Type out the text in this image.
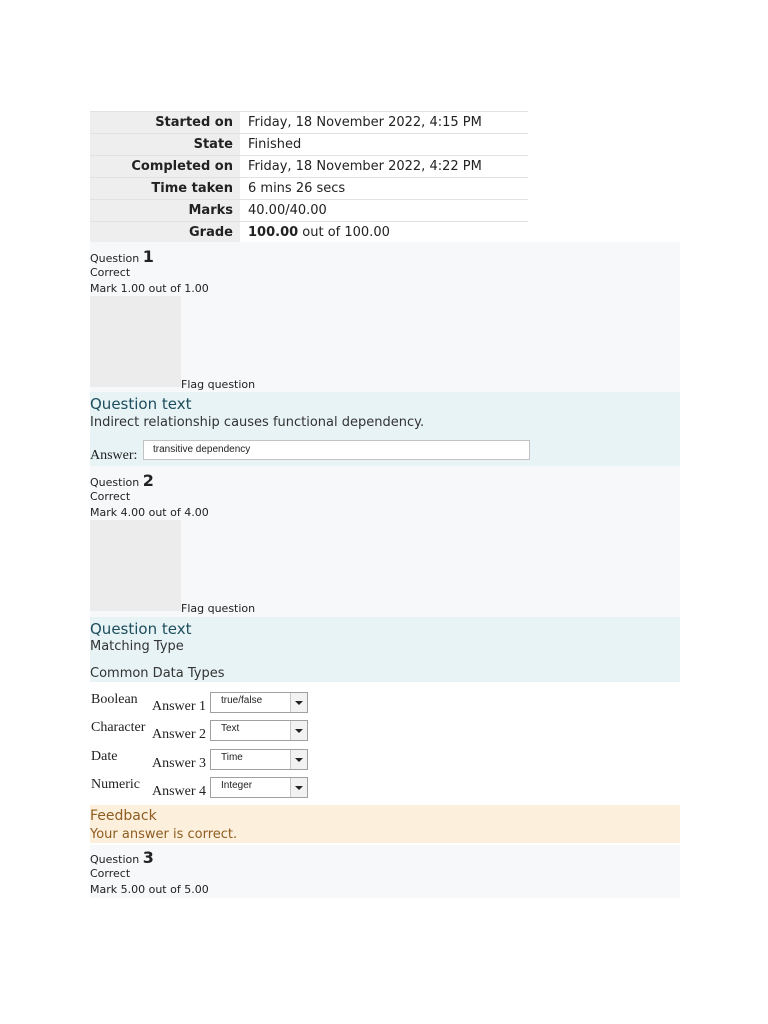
Started on	Friday, 18 November 2022, 4:15 PM
State	Finished
Completed on	Friday, 18 November 2022, 4:22 PM
Time taken	6 mins 26 secs
Marks	40.00/40.00
Grade	100.00 out of 100.00
Question 1
Correct
Mark 1.00 out of 1.00
Flag question
Question text
Indirect relationship causes functional dependency.
Answer:	transitive dependency
Question 2
Correct
Mark 4.00 out of 4.00
Flag question
Question text
Matching Type
Common Data Types
Boolean Answer 1 true/false
Character Answer 2 Text
Date Answer 3 Time
Numeric Answer 4 Integer
Feedback
Your answer is correct.
Question 3
Correct
Mark 5.00 out of 5.00
